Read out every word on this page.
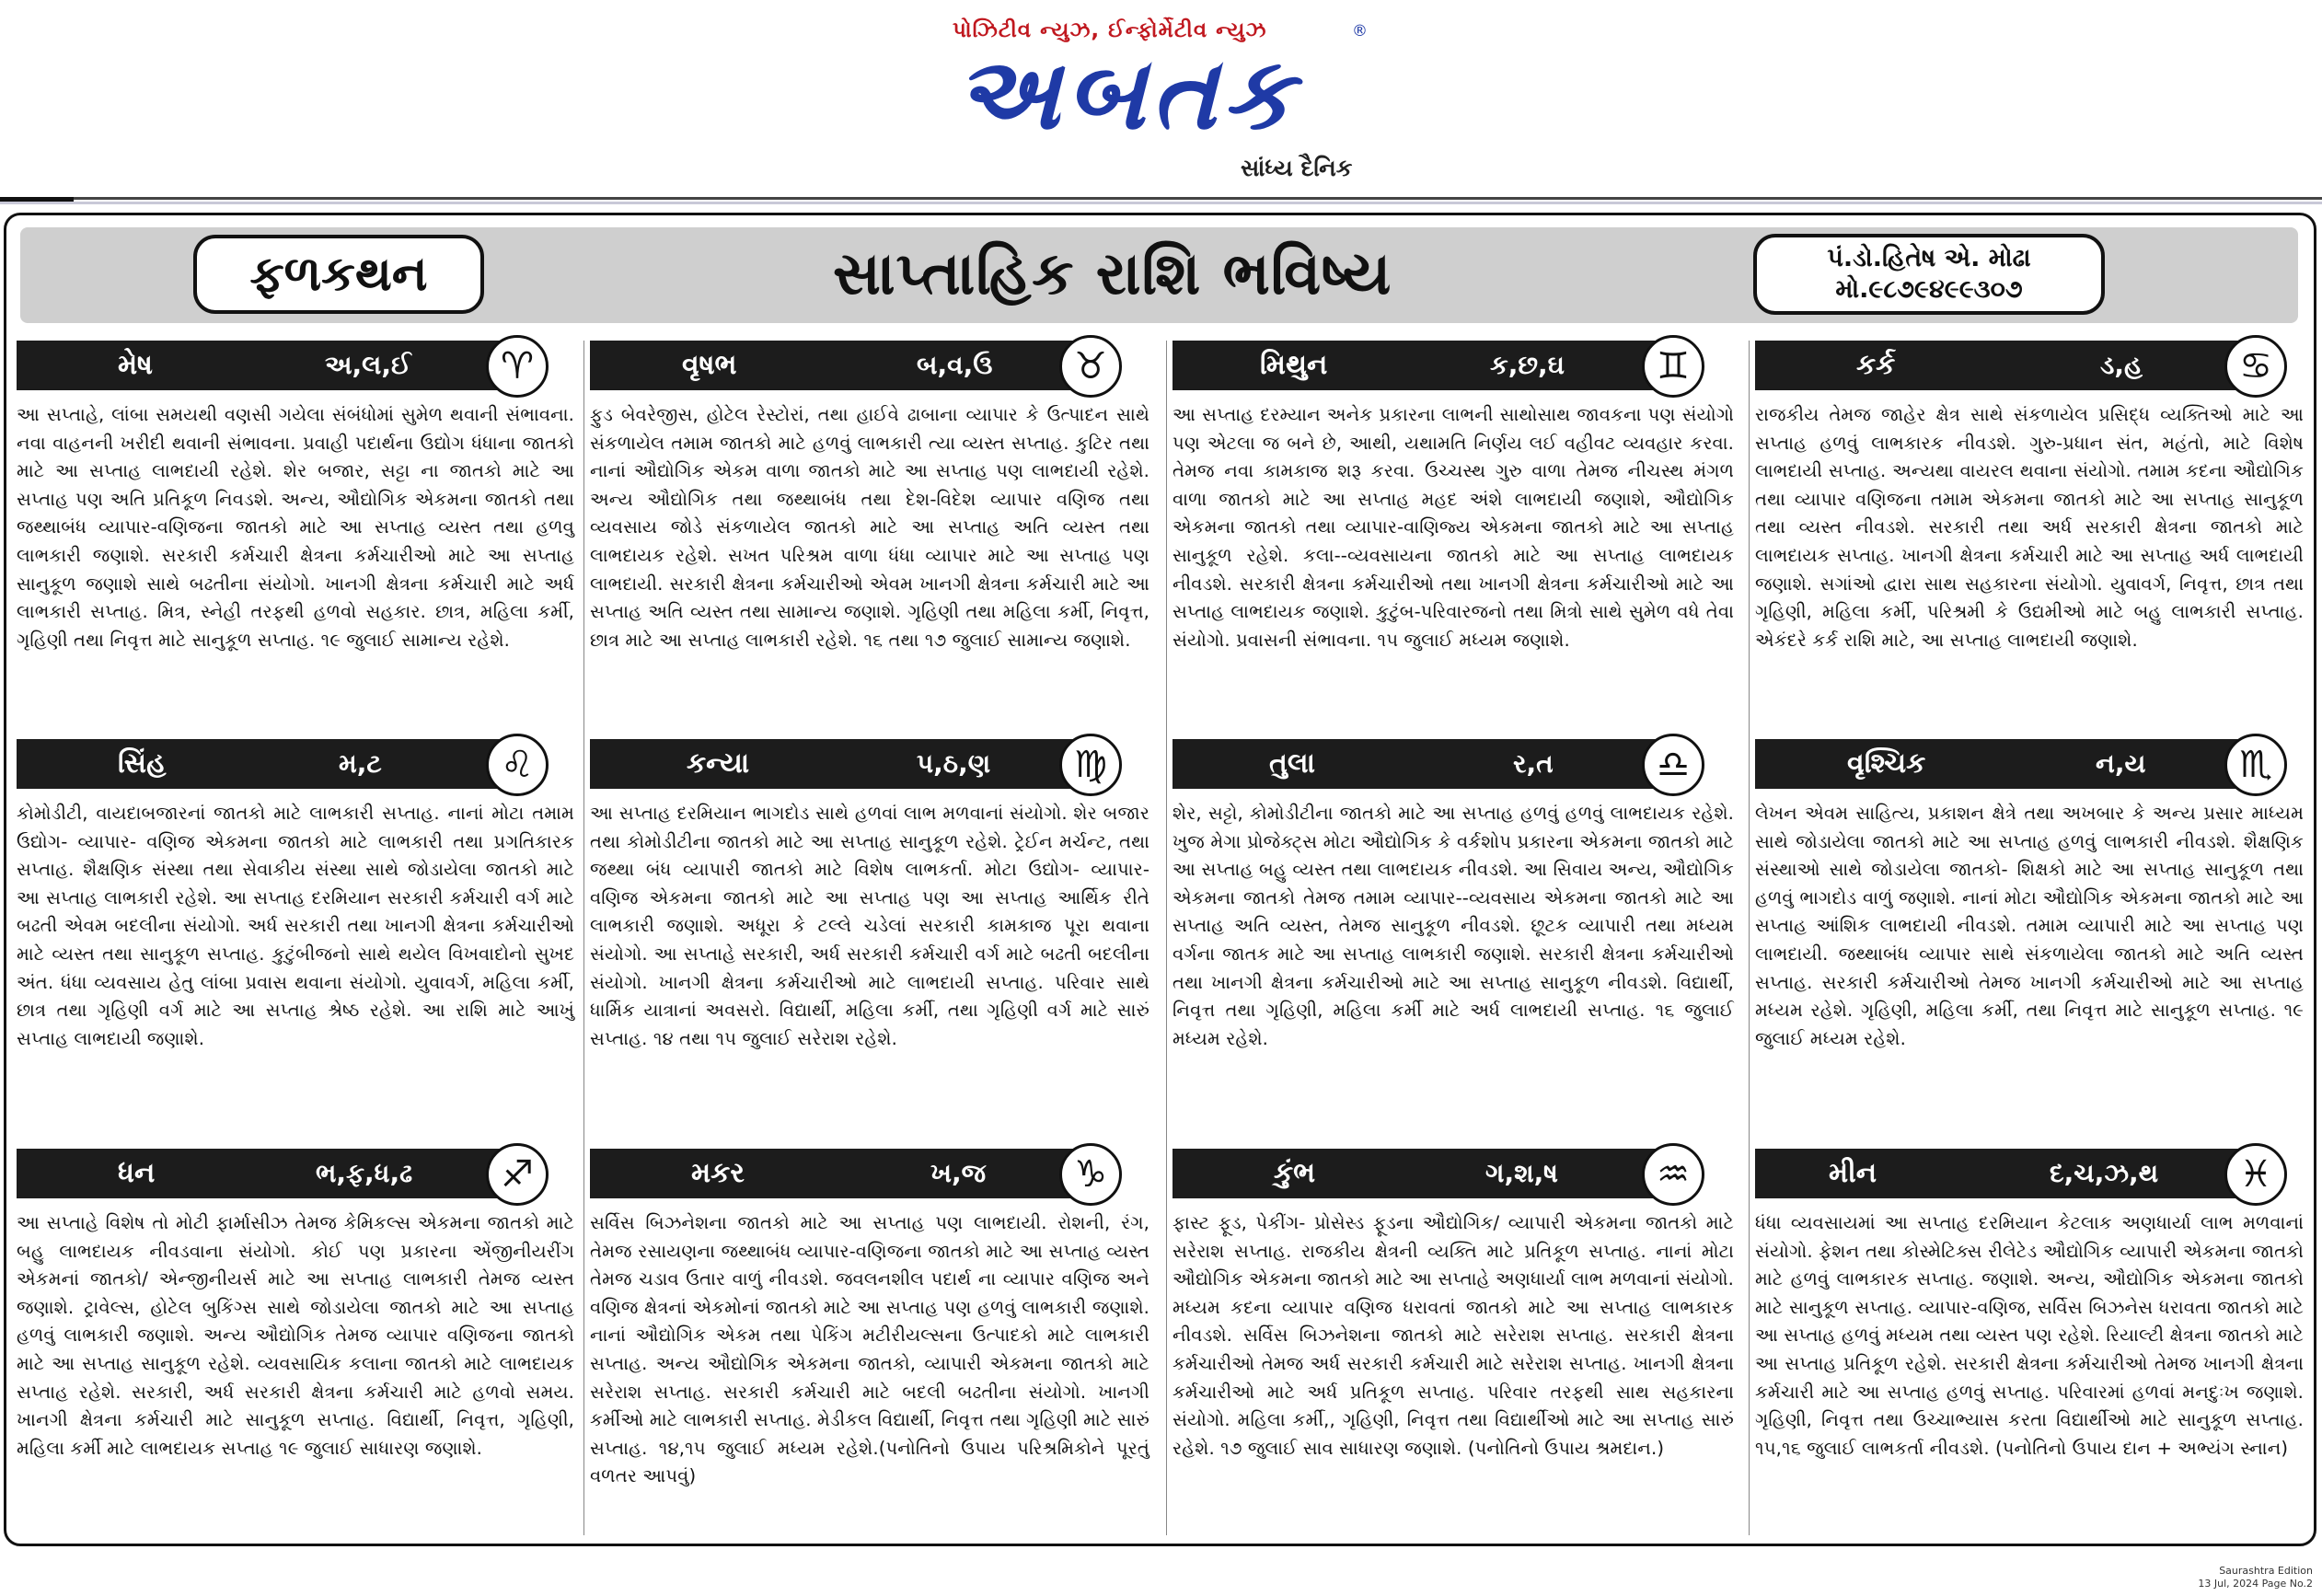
પોઝિટીવ ન્યુઝ, ઈન્ફોર્મેટીવ ન્યુઝ
અબતક
®
સાંધ્ય દૈનિક
ફળકથન	સાપ્તાહિક રાશિ ભવિષ્ય	પં.ડો.હિતેષ એ. મોઢા
મો.૯૮૭૯૪૯૯૩૦૭
મેષ	અ,લ,ઈ	♈
આ સપ્તાહે, લાંબા સમયથી વણસી ગયેલા સંબંધોમાં સુમેળ થવાની સંભાવના. નવા વાહનની ખરીદી થવાની સંભાવના. પ્રવાહી પદાર્થના ઉદ્યોગ ધંધાના જાતકો માટે આ સપ્તાહ લાભદાયી રહેશે. શેર બજાર, સટ્ટા ના જાતકો માટે આ સપ્તાહ પણ અતિ પ્રતિકૂળ નિવડશે. અન્ય, ઔદ્યોગિક એકમના જાતકો તથા જથ્થાબંધ વ્યાપાર-વણિજના જાતકો માટે આ સપ્તાહ વ્યસ્ત તથા હળવુ લાભકારી જણાશે. સરકારી કર્મચારી ક્ષેત્રના કર્મચારીઓ માટે આ સપ્તાહ સાનુકૂળ જણાશે સાથે બઢતીના સંયોગો. ખાનગી ક્ષેત્રના કર્મચારી માટે અર્ધ લાભકારી સપ્તાહ. મિત્ર, સ્નેહી તરફથી હળવો સહકાર. છાત્ર, મહિલા કર્મી, ગૃહિણી તથા નિવૃત્ત માટે સાનુકૂળ સપ્તાહ. ૧૯ જુલાઈ સામાન્ય રહેશે.
વૃષભ	બ,વ,ઉ	♉
ફુડ બેવરેજીસ, હોટેલ રેસ્ટોરાં, તથા હાઈવે ઢાબાના વ્યાપાર કે ઉત્પાદન સાથે સંકળાયેલ તમામ જાતકો માટે હળવું લાભકારી ત્યા વ્યસ્ત સપ્તાહ. કુટિર તથા નાનાં ઔદ્યોગિક એકમ વાળા જાતકો માટે આ સપ્તાહ પણ લાભદાયી રહેશે. અન્ય ઔદ્યોગિક તથા જથ્થાબંધ તથા દેશ-વિદેશ વ્યાપાર વણિજ તથા વ્યવસાય જોડે સંકળાયેલ જાતકો માટે આ સપ્તાહ અતિ વ્યસ્ત તથા લાભદાયક રહેશે. સખત પરિશ્રમ વાળા ધંધા વ્યાપાર માટે આ સપ્તાહ પણ લાભદાયી. સરકારી ક્ષેત્રના કર્મચારીઓ એવમ ખાનગી ક્ષેત્રના કર્મચારી માટે આ સપ્તાહ અતિ વ્યસ્ત તથા સામાન્ય જણાશે. ગૃહિણી તથા મહિલા કર્મી, નિવૃત્ત, છાત્ર માટે આ સપ્તાહ લાભકારી રહેશે. ૧૬ તથા ૧૭ જુલાઈ સામાન્ય જણાશે.
મિથુન	ક,છ,ઘ	♊
આ સપ્તાહ દરમ્યાન અનેક પ્રકારના લાભની સાથોસાથ જાવકના પણ સંયોગો પણ એટલા જ બને છે, આથી, યથામતિ નિર્ણય લઈ વહીવટ વ્યવહાર કરવા. તેમજ નવા કામકાજ શરૂ કરવા. ઉચ્ચસ્થ ગુરુ વાળા તેમજ નીચસ્થ મંગળ વાળા જાતકો માટે આ સપ્તાહ મહદ અંશે લાભદાયી જણાશે, ઔદ્યોગિક એકમના જાતકો તથા વ્યાપાર-વાણિજ્ય એકમના જાતકો માટે આ સપ્તાહ સાનુકૂળ રહેશે. કલા--વ્યવસાયના જાતકો માટે આ સપ્તાહ લાભદાયક નીવડશે. સરકારી ક્ષેત્રના કર્મચારીઓ તથા ખાનગી ક્ષેત્રના કર્મચારીઓ માટે આ સપ્તાહ લાભદાયક જણાશે. કુટુંબ-પરિવારજનો તથા મિત્રો સાથે સુમેળ વધે તેવા સંયોગો. પ્રવાસની સંભાવના. ૧૫ જુલાઈ મધ્યમ જણાશે.
કર્ક	ડ,હ	♋
રાજકીય તેમજ જાહેર ક્ષેત્ર સાથે સંકળાયેલ પ્રસિદ્ધ વ્યક્તિઓ માટે આ સપ્તાહ હળવું લાભકારક નીવડશે. ગુરુ-પ્રધાન સંત, મહંતો, માટે વિશેષ લાભદાયી સપ્તાહ. અન્યથા વાયરલ થવાના સંયોગો. તમામ કદના ઔદ્યોગિક તથા વ્યાપાર વણિજના તમામ એકમના જાતકો માટે આ સપ્તાહ સાનુકૂળ તથા વ્યસ્ત નીવડશે. સરકારી તથા અર્ધ સરકારી ક્ષેત્રના જાતકો માટે લાભદાયક સપ્તાહ. ખાનગી ક્ષેત્રના કર્મચારી માટે આ સપ્તાહ અર્ધ લાભદાયી જણાશે. સગાંઓ દ્વારા સાથ સહકારના સંયોગો. યુવાવર્ગ, નિવૃત્ત, છાત્ર તથા ગૃહિણી, મહિલા કર્મી, પરિશ્રમી કે ઉદ્યમીઓ માટે બહુ લાભકારી સપ્તાહ. એકંદરે કર્ક રાશિ માટે, આ સપ્તાહ લાભદાયી જણાશે.
સિંહ	મ,ટ	♌
કોમોડીટી, વાયદાબજારનાં જાતકો માટે લાભકારી સપ્તાહ. નાનાં મોટા તમામ ઉદ્યોગ- વ્યાપાર- વણિજ એકમના જાતકો માટે લાભકારી તથા પ્રગતિકારક સપ્તાહ. શૈક્ષણિક સંસ્થા તથા સેવાકીય સંસ્થા સાથે જોડાયેલા જાતકો માટે આ સપ્તાહ લાભકારી રહેશે. આ સપ્તાહ દરમિયાન સરકારી કર્મચારી વર્ગ માટે બઢતી એવમ બદલીના સંયોગો. અર્ધ સરકારી તથા ખાનગી ક્ષેત્રના કર્મચારીઓ માટે વ્યસ્ત તથા સાનુકૂળ સપ્તાહ. કુટુંબીજનો સાથે થયેલ વિખવાદોનો સુખદ અંત. ધંધા વ્યવસાય હેતુ લાંબા પ્રવાસ થવાના સંયોગો. યુવાવર્ગ, મહિલા કર્મી, છાત્ર તથા ગૃહિણી વર્ગ માટે આ સપ્તાહ શ્રેષ્ઠ રહેશે. આ રાશિ માટે આખું સપ્તાહ લાભદાયી જણાશે.
કન્યા	પ,ઠ,ણ	♍
આ સપ્તાહ દરમિયાન ભાગદોડ સાથે હળવાં લાભ મળવાનાં સંયોગો. શેર બજાર તથા કોમોડીટીના જાતકો માટે આ સપ્તાહ સાનુકૂળ રહેશે. ટ્રેઈન મર્ચન્ટ, તથા જથ્થા બંધ વ્યાપારી જાતકો માટે વિશેષ લાભકર્તા. મોટા ઉદ્યોગ- વ્યાપાર- વણિજ એકમના જાતકો માટે આ સપ્તાહ પણ આ સપ્તાહ આર્થિક રીતે લાભકારી જણાશે. અધૂરા કે ટલ્લે ચડેલાં સરકારી કામકાજ પૂરા થવાના સંયોગો. આ સપ્તાહે સરકારી, અર્ધ સરકારી કર્મચારી વર્ગ માટે બઢતી બદલીના સંયોગો. ખાનગી ક્ષેત્રના કર્મચારીઓ માટે લાભદાયી સપ્તાહ. પરિવાર સાથે ધાર્મિક યાત્રાનાં અવસરો. વિદ્યાર્થી, મહિલા કર્મી, તથા ગૃહિણી વર્ગ માટે સારું સપ્તાહ. ૧૪ તથા ૧૫ જુલાઈ સરેરાશ રહેશે.
તુલા	ર,ત	♎
શેર, સટ્ટો, કોમોડીટીના જાતકો માટે આ સપ્તાહ હળવું હળવું લાભદાયક રહેશે. ખુજ મેગા પ્રોજેક્ટ્સ મોટા ઔદ્યોગિક કે વર્કશોપ પ્રકારના એકમના જાતકો માટે આ સપ્તાહ બહુ વ્યસ્ત તથા લાભદાયક નીવડશે. આ સિવાય અન્ય, ઔદ્યોગિક એકમના જાતકો તેમજ તમામ વ્યાપાર--વ્યવસાય એકમના જાતકો માટે આ સપ્તાહ અતિ વ્યસ્ત, તેમજ સાનુકૂળ નીવડશે. છૂટક વ્યાપારી તથા મધ્યમ વર્ગના જાતક માટે આ સપ્તાહ લાભકારી જણાશે. સરકારી ક્ષેત્રના કર્મચારીઓ તથા ખાનગી ક્ષેત્રના કર્મચારીઓ માટે આ સપ્તાહ સાનુકૂળ નીવડશે. વિદ્યાર્થી, નિવૃત્ત તથા ગૃહિણી, મહિલા કર્મી માટે અર્ધ લાભદાયી સપ્તાહ. ૧૬ જુલાઈ મધ્યમ રહેશે.
વૃશ્ચિક	ન,ય	♏
લેખન એવમ સાહિત્ય, પ્રકાશન ક્ષેત્રે તથા અખબાર કે અન્ય પ્રસાર માધ્યમ સાથે જોડાયેલા જાતકો માટે આ સપ્તાહ હળવું લાભકારી નીવડશે. શૈક્ષણિક સંસ્થાઓ સાથે જોડાયેલા જાતકો- શિક્ષકો માટે આ સપ્તાહ સાનુકૂળ તથા હળવું ભાગદોડ વાળું જણાશે. નાનાં મોટા ઔદ્યોગિક એકમના જાતકો માટે આ સપ્તાહ આંશિક લાભદાયી નીવડશે. તમામ વ્યાપારી માટે આ સપ્તાહ પણ લાભદાયી. જથ્થાબંધ વ્યાપાર સાથે સંકળાયેલા જાતકો માટે અતિ વ્યસ્ત સપ્તાહ. સરકારી કર્મચારીઓ તેમજ ખાનગી કર્મચારીઓ માટે આ સપ્તાહ મધ્યમ રહેશે. ગૃહિણી, મહિલા કર્મી, તથા નિવૃત્ત માટે સાનુકૂળ સપ્તાહ. ૧૯ જુલાઈ મધ્યમ રહેશે.
ધન	ભ,ફ,ધ,ઢ	♐
આ સપ્તાહે વિશેષ તો મોટી ફાર્માસીઝ તેમજ કેમિકલ્સ એકમના જાતકો માટે બહુ લાભદાયક નીવડવાના સંયોગો. કોઈ પણ પ્રકારના એંજીનીયરીંગ એકમનાં જાતકો/ એન્જીનીયર્સ માટે આ સપ્તાહ લાભકારી તેમજ વ્યસ્ત જણાશે. ટ્રાવેલ્સ, હોટેલ બુકિંગ્સ સાથે જોડાયેલા જાતકો માટે આ સપ્તાહ હળવું લાભકારી જણાશે. અન્ય ઔદ્યોગિક તેમજ વ્યાપાર વણિજના જાતકો માટે આ સપ્તાહ સાનુકૂળ રહેશે. વ્યવસાયિક કલાના જાતકો માટે લાભદાયક સપ્તાહ રહેશે. સરકારી, અર્ધ સરકારી ક્ષેત્રના કર્મચારી માટે હળવો સમય. ખાનગી ક્ષેત્રના કર્મચારી માટે સાનુકૂળ સપ્તાહ. વિદ્યાર્થી, નિવૃત્ત, ગૃહિણી, મહિલા કર્મી માટે લાભદાયક સપ્તાહ ૧૯ જુલાઈ સાધારણ જણાશે.
મકર	ખ,જ	♑
સર્વિસ બિઝનેશના જાતકો માટે આ સપ્તાહ પણ લાભદાયી. રોશની, રંગ, તેમજ રસાયણના જથ્થાબંધ વ્યાપાર-વણિજના જાતકો માટે આ સપ્તાહ વ્યસ્ત તેમજ ચડાવ ઉતાર વાળું નીવડશે. જવલનશીલ પદાર્થ ના વ્યાપાર વણિજ અને વણિજ ક્ષેત્રનાં એકમોનાં જાતકો માટે આ સપ્તાહ પણ હળવું લાભકારી જણાશે. નાનાં ઔદ્યોગિક એકમ તથા પેકિંગ મટીરીયલ્સના ઉત્પાદકો માટે લાભકારી સપ્તાહ. અન્ય ઔદ્યોગિક એકમના જાતકો, વ્યાપારી એકમના જાતકો માટે સરેરાશ સપ્તાહ. સરકારી કર્મચારી માટે બદલી બઢતીના સંયોગો. ખાનગી કર્મીઓ માટે લાભકારી સપ્તાહ. મેડીકલ વિદ્યાર્થી, નિવૃત્ત તથા ગૃહિણી માટે સારું સપ્તાહ. ૧૪,૧૫ જુલાઈ મધ્યમ રહેશે.(પનોતિનો ઉપાય પરિશ્રમિકોને પૂરતું વળતર આપવું)
કુંભ	ગ,શ,ષ	♒
ફાસ્ટ ફૂડ, પેકીંગ- પ્રોસેસ્ડ ફૂડના ઔદ્યોગિક/ વ્યાપારી એકમના જાતકો માટે સરેરાશ સપ્તાહ. રાજકીય ક્ષેત્રની વ્યક્તિ માટે પ્રતિકૂળ સપ્તાહ. નાનાં મોટા ઔદ્યોગિક એકમના જાતકો માટે આ સપ્તાહે અણધાર્યા લાભ મળવાનાં સંયોગો. મધ્યમ કદના વ્યાપાર વણિજ ધરાવતાં જાતકો માટે આ સપ્તાહ લાભકારક નીવડશે. સર્વિસ બિઝનેશના જાતકો માટે સરેરાશ સપ્તાહ. સરકારી ક્ષેત્રના કર્મચારીઓ તેમજ અર્ધ સરકારી કર્મચારી માટે સરેરાશ સપ્તાહ. ખાનગી ક્ષેત્રના કર્મચારીઓ માટે અર્ધ પ્રતિકૂળ સપ્તાહ. પરિવાર તરફથી સાથ સહકારના સંયોગો. મહિલા કર્મી,, ગૃહિણી, નિવૃત્ત તથા વિદ્યાર્થીઓ માટે આ સપ્તાહ સારું રહેશે. ૧૭ જુલાઈ સાવ સાધારણ જણાશે. (પનોતિનો ઉપાય શ્રમદાન.)
મીન	દ,ચ,ઝ,થ	♓
ધંધા વ્યવસાયમાં આ સપ્તાહ દરમિયાન કેટલાક અણધાર્યા લાભ મળવાનાં સંયોગો. ફેશન તથા કોસ્મેટિક્સ રીલેટેડ ઔદ્યોગિક વ્યાપારી એકમના જાતકો માટે હળવું લાભકારક સપ્તાહ. જણાશે. અન્ય, ઔદ્યોગિક એકમના જાતકો માટે સાનુકૂળ સપ્તાહ. વ્યાપાર-વણિજ, સર્વિસ બિઝનેસ ધરાવતા જાતકો માટે આ સપ્તાહ હળવું મધ્યમ તથા વ્યસ્ત પણ રહેશે. રિયાલ્ટી ક્ષેત્રના જાતકો માટે આ સપ્તાહ પ્રતિકૂળ રહેશે. સરકારી ક્ષેત્રના કર્મચારીઓ તેમજ ખાનગી ક્ષેત્રના કર્મચારી માટે આ સપ્તાહ હળવું સપ્તાહ. પરિવારમાં હળવાં મનદુઃખ જણાશે. ગૃહિણી, નિવૃત્ત તથા ઉચ્ચાભ્યાસ કરતા વિદ્યાર્થીઓ માટે સાનુકૂળ સપ્તાહ. ૧૫,૧૬ જુલાઈ લાભકર્તા નીવડશે. (પનોતિનો ઉપાય દાન + અભ્યંગ સ્નાન)
Saurashtra Edition
13 Jul, 2024 Page No.2
